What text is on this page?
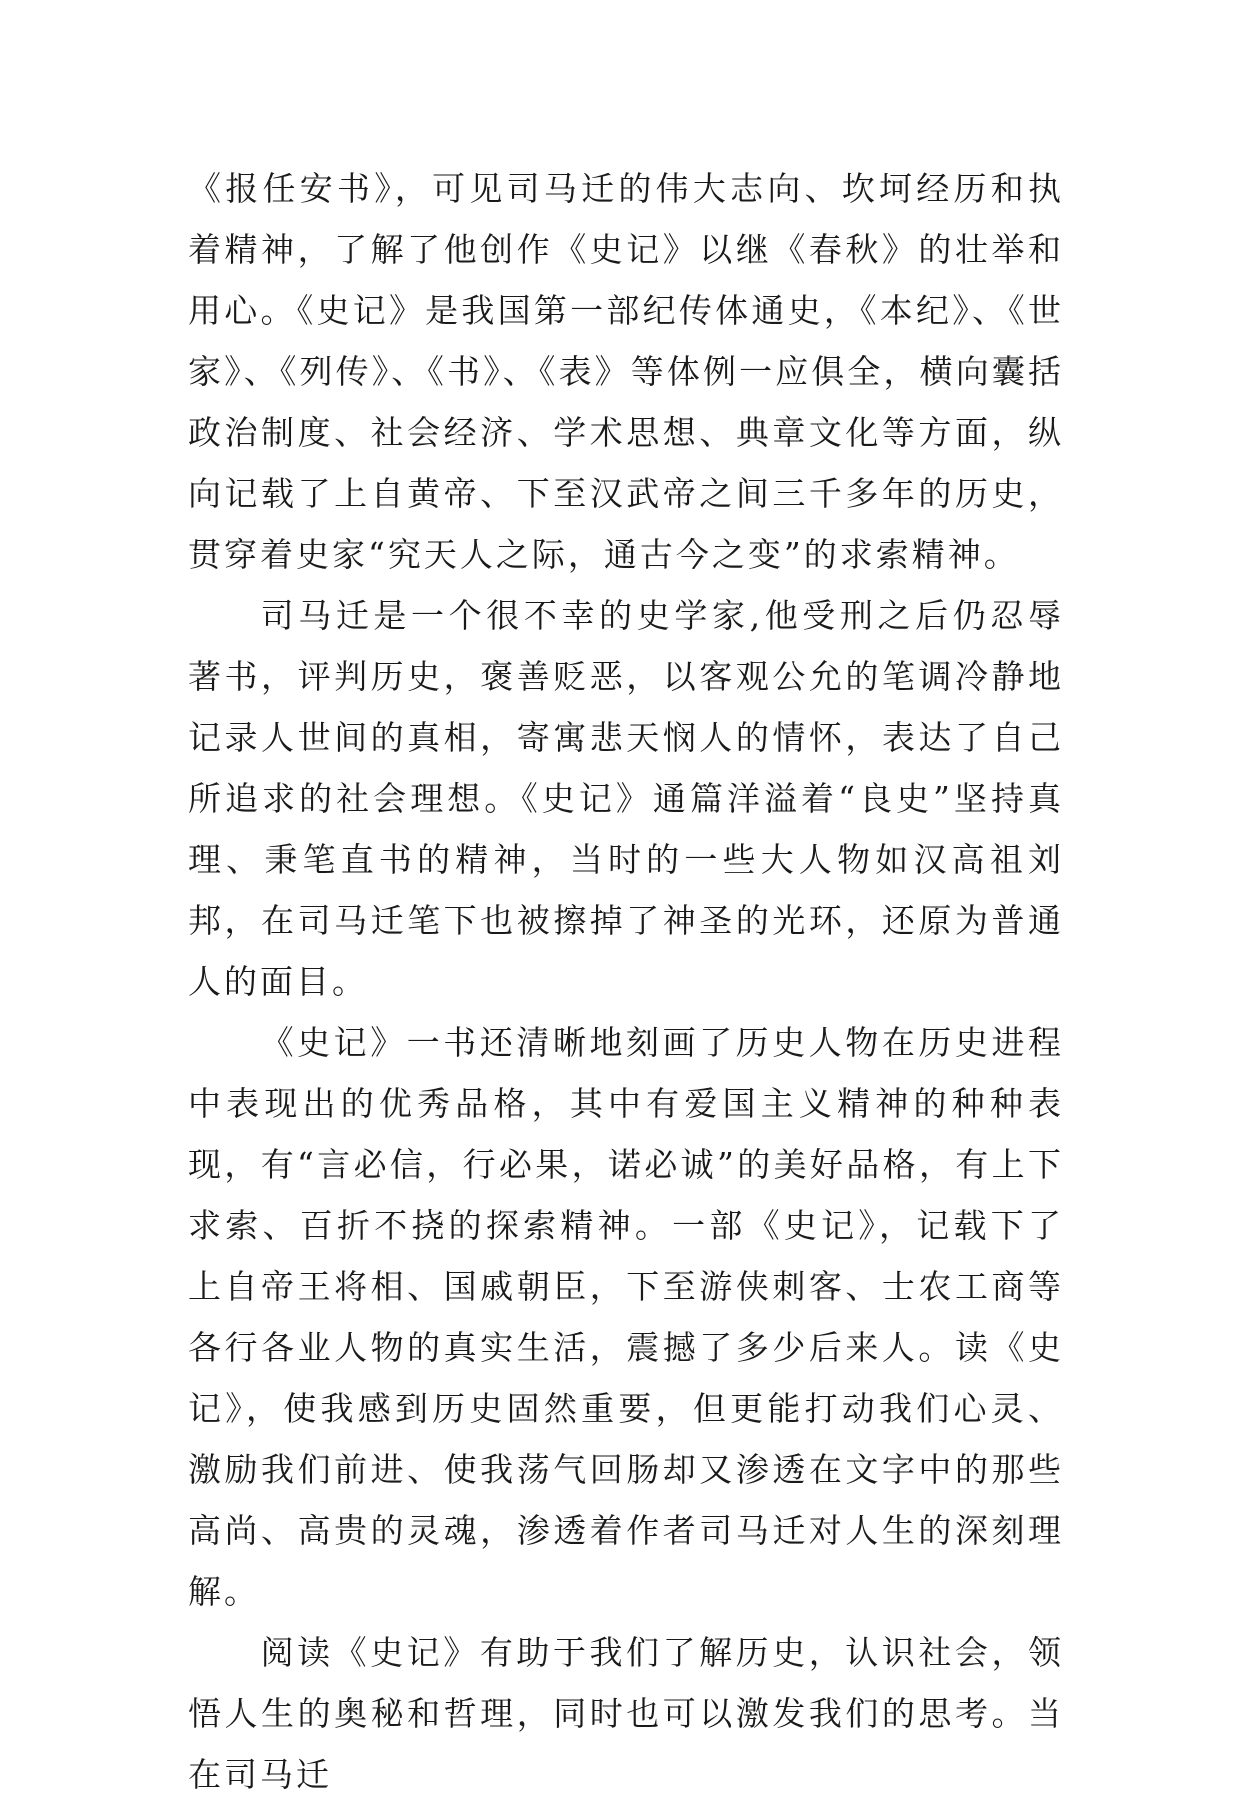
《报任安书》，可见司马迁的伟大志向、坎坷经历和执着精神，了解了他创作《史记》以继《春秋》的壮举和用心。《史记》是我国第一部纪传体通史，《本纪》、《世家》、《列传》、《书》、《表》等体例一应俱全，横向囊括政治制度、社会经济、学术思想、典章文化等方面，纵向记载了上自黄帝、下至汉武帝之间三千多年的历史，贯穿着史家“究天人之际，通古今之变”的求索精神。

司马迁是一个很不幸的史学家,他受刑之后仍忍辱著书，评判历史，褒善贬恶，以客观公允的笔调冷静地记录人世间的真相，寄寓悲天悯人的情怀，表达了自己所追求的社会理想。《史记》通篇洋溢着“良史”坚持真理、秉笔直书的精神，当时的一些大人物如汉高祖刘邦，在司马迁笔下也被擦掉了神圣的光环，还原为普通人的面目。

《史记》一书还清晰地刻画了历史人物在历史进程中表现出的优秀品格，其中有爱国主义精神的种种表现，有“言必信，行必果，诺必诚”的美好品格，有上下求索、百折不挠的探索精神。一部《史记》，记载下了上自帝王将相、国戚朝臣，下至游侠刺客、士农工商等各行各业人物的真实生活，震撼了多少后来人。读《史记》，使我感到历史固然重要，但更能打动我们心灵、激励我们前进、使我荡气回肠却又渗透在文字中的那些高尚、高贵的灵魂，渗透着作者司马迁对人生的深刻理解。

阅读《史记》有助于我们了解历史，认识社会，领悟人生的奥秘和哲理，同时也可以激发我们的思考。当在司马迁
